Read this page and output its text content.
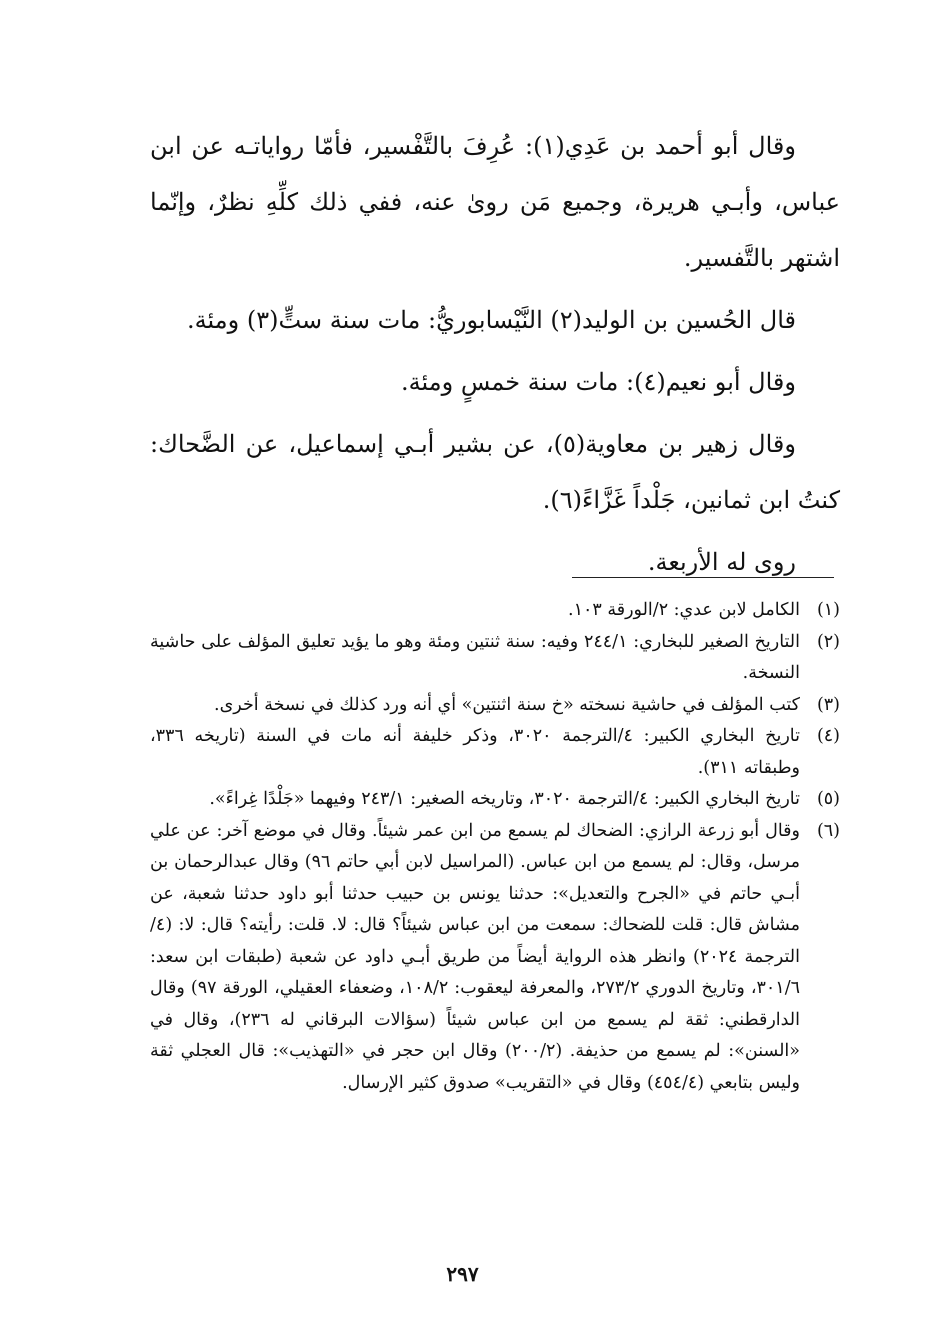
وقال أبو أحمد بن عَدِي(١): عُرِفَ بالتَّفْسير، فأمّا رواياتـه عن ابن عباس، وأبـي هريرة، وجميع مَن روىٰ عنه، ففي ذلك كلِّهِ نظرٌ، وإنّما اشتهر بالتَّفسير.

قال الحُسين بن الوليد(٢) النَّيْسابوريُّ: مات سنة ستٍّ(٣) ومئة.

وقال أبو نعيم(٤): مات سنة خمسٍ ومئة.

وقال زهير بن معاوية(٥)، عن بشير أبـي إسماعيل، عن الضَّحاك: كنتُ ابن ثمانين، جَلْداً غَزَّاءً(٦).

روى له الأربعة.

(١)
الكامل لابن عدي: ٢/الورقة ١٠٣.
(٢)
التاريخ الصغير للبخاري: ٢٤٤/١ وفيه: سنة ثنتين ومئة وهو ما يؤيد تعليق المؤلف على حاشية النسخة.
(٣)
كتب المؤلف في حاشية نسخته «خ سنة اثنتين» أي أنه ورد كذلك في نسخة أخرى.
(٤)
تاريخ البخاري الكبير: ٤/الترجمة ٣٠٢٠، وذكر خليفة أنه مات في السنة (تاريخه ٣٣٦، وطبقاته ٣١١).
(٥)
تاريخ البخاري الكبير: ٤/الترجمة ٣٠٢٠، وتاريخه الصغير: ٢٤٣/١ وفيهما «جَلْدًا غِراءً».
(٦)
وقال أبو زرعة الرازي: الضحاك لم يسمع من ابن عمر شيئاً. وقال في موضع آخر: عن علي مرسل، وقال: لم يسمع من ابن عباس. (المراسيل لابن أبي حاتم ٩٦) وقال عبدالرحمان بن أبـي حاتم في «الجرح والتعديل»: حدثنا يونس بن حبيب حدثنا أبو داود حدثنا شعبة، عن مشاش قال: قلت للضحاك: سمعت من ابن عباس شيئاً؟ قال: لا. قلت: رأيته؟ قال: لا: (٤/الترجمة ٢٠٢٤) وانظر هذه الرواية أيضاً من طريق أبـي داود عن شعبة (طبقات ابن سعد: ٣٠١/٦، وتاريخ الدوري ٢٧٣/٢، والمعرفة ليعقوب: ١٠٨/٢، وضعفاء العقيلي، الورقة ٩٧) وقال الدارقطني: ثقة لم يسمع من ابن عباس شيئاً (سؤالات البرقاني له ٢٣٦)، وقال في «السنن»: لم يسمع من حذيفة. (٢٠٠/٢) وقال ابن حجر في «التهذيب»: قال العجلي ثقة وليس بتابعي (٤٥٤/٤) وقال في «التقريب» صدوق كثير الإرسال.
٢٩٧
